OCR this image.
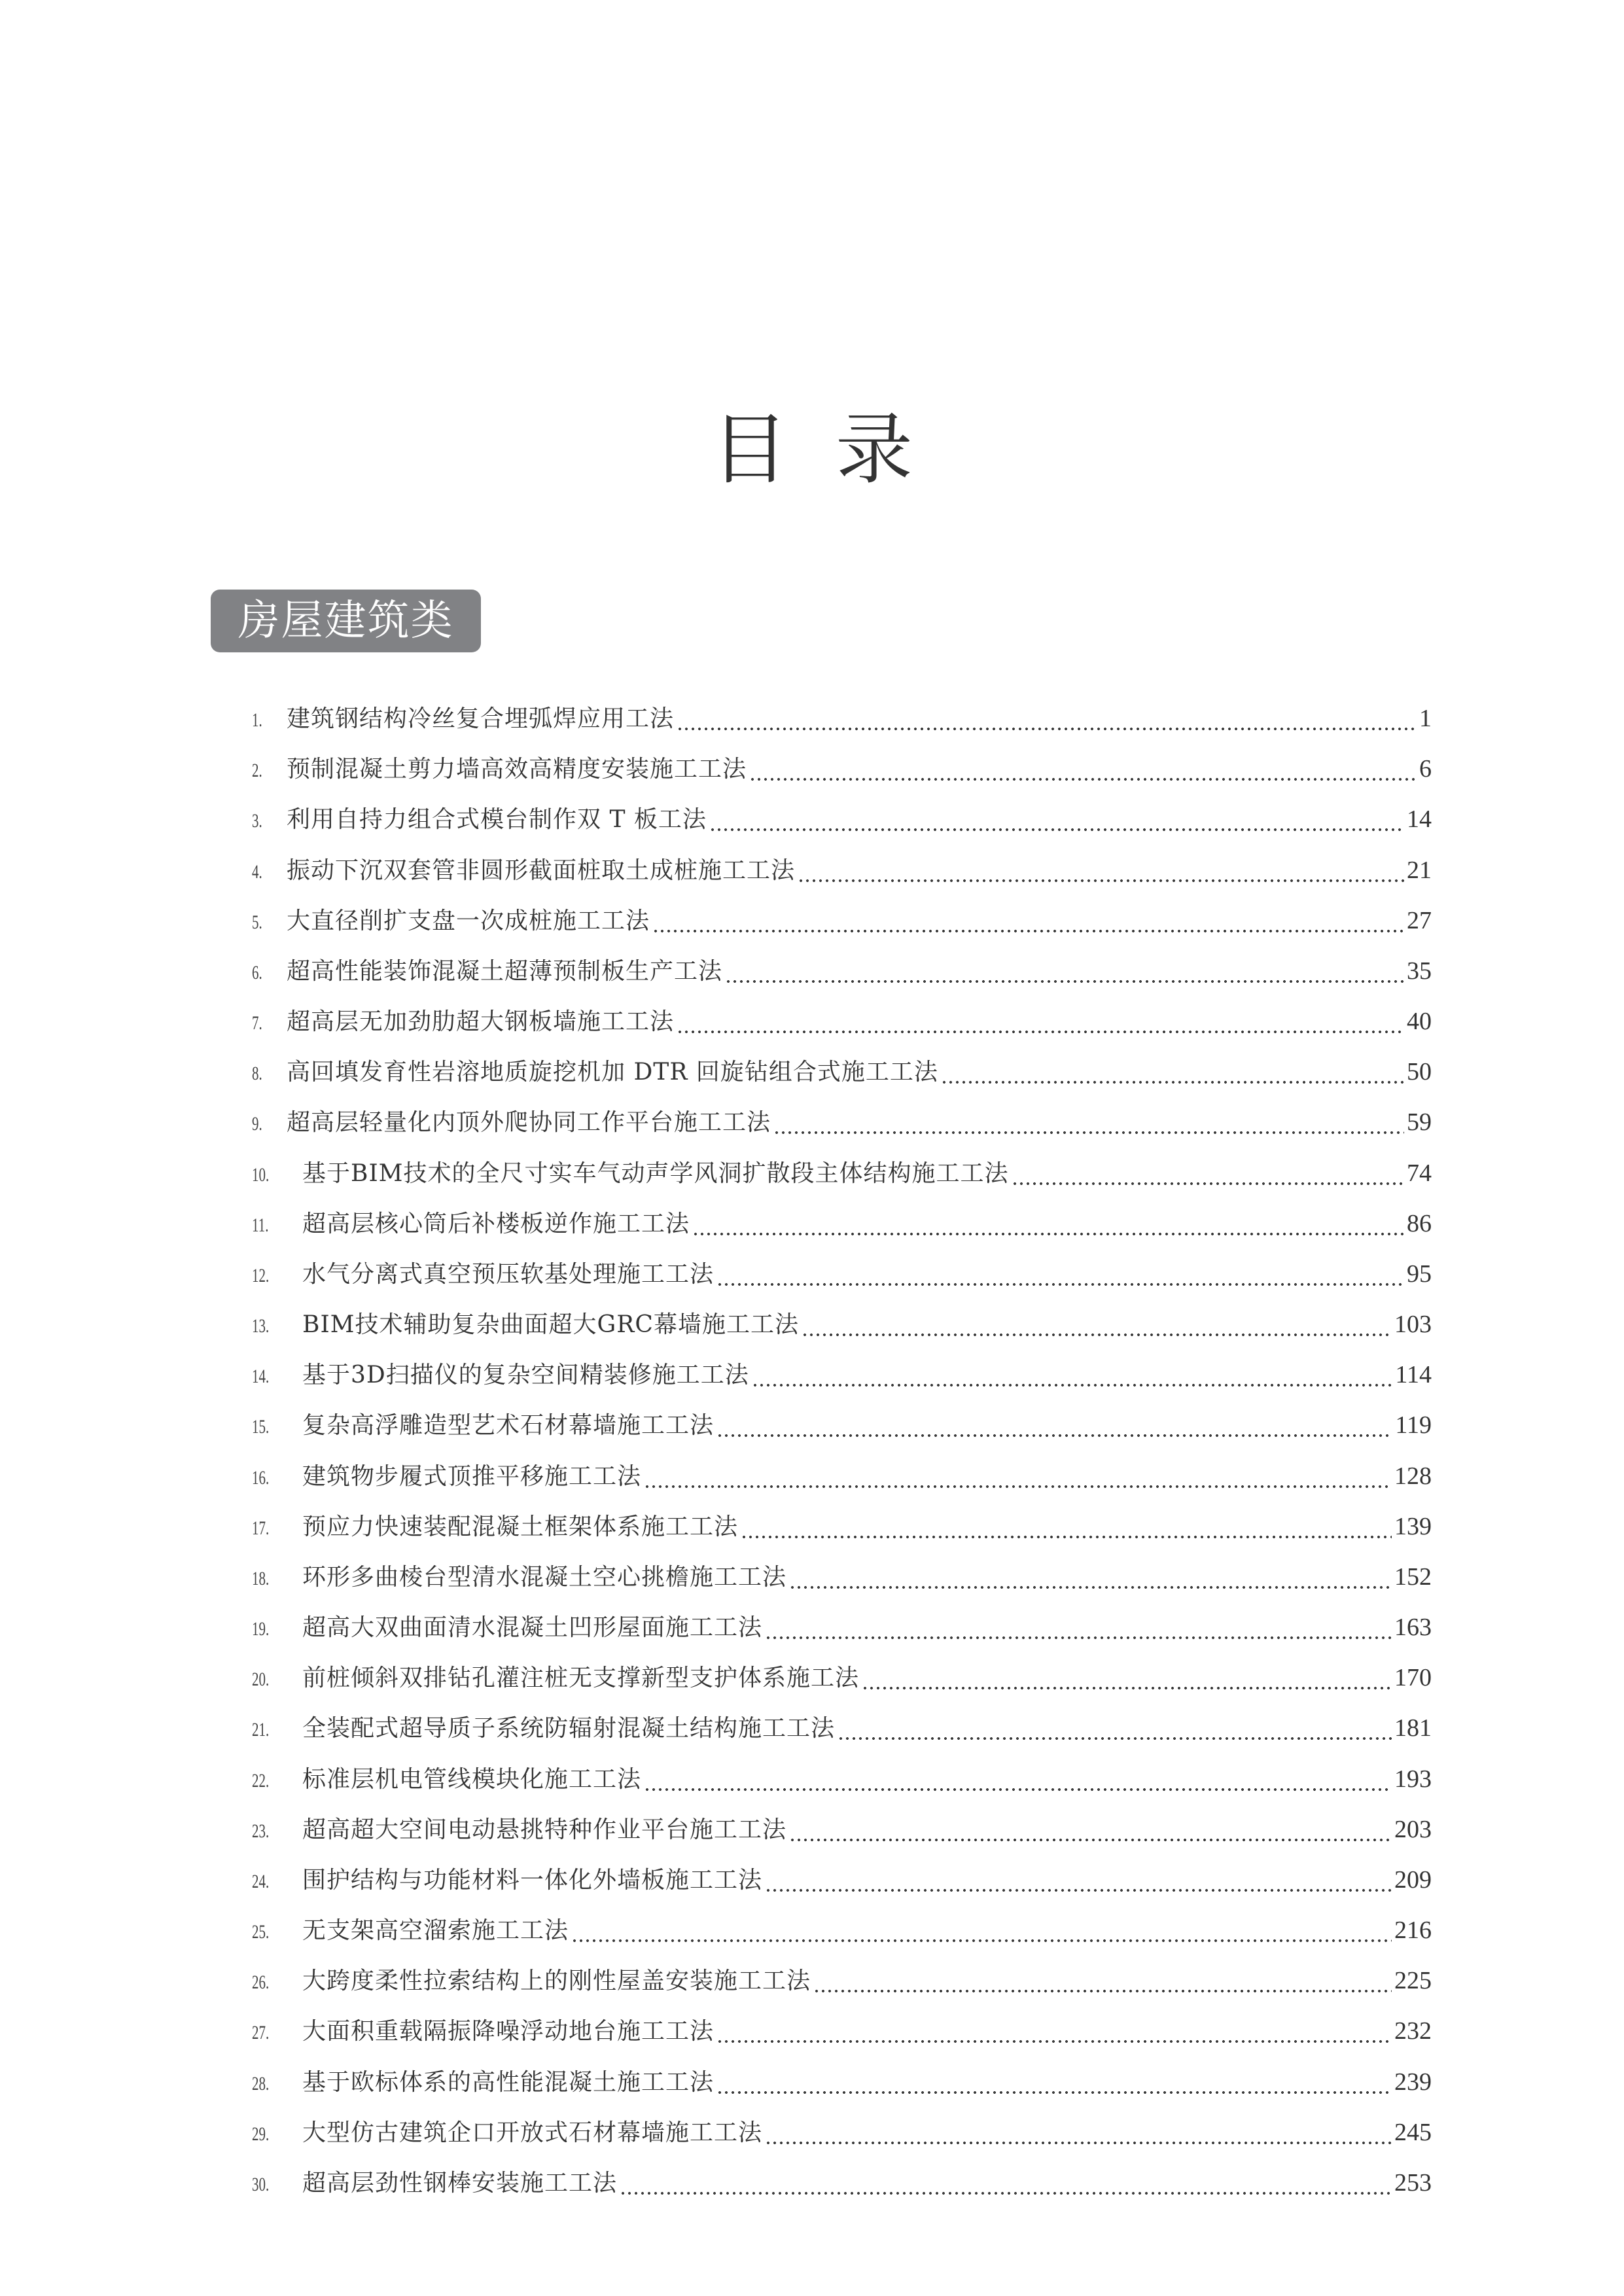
目 录
房屋建筑类
1.	建筑钢结构冷丝复合埋弧焊应用工法	1
2.	预制混凝土剪力墙高效高精度安装施工工法	6
3.	利用自持力组合式模台制作双 T 板工法	14
4.	振动下沉双套管非圆形截面桩取土成桩施工工法	21
5.	大直径削扩支盘一次成桩施工工法	27
6.	超高性能装饰混凝土超薄预制板生产工法	35
7.	超高层无加劲肋超大钢板墙施工工法	40
8.	高回填发育性岩溶地质旋挖机加 DTR 回旋钻组合式施工工法	50
9.	超高层轻量化内顶外爬协同工作平台施工工法	59
10.	基于BIM技术的全尺寸实车气动声学风洞扩散段主体结构施工工法	74
11.	超高层核心筒后补楼板逆作施工工法	86
12.	水气分离式真空预压软基处理施工工法	95
13.	BIM技术辅助复杂曲面超大GRC幕墙施工工法	103
14.	基于3D扫描仪的复杂空间精装修施工工法	114
15.	复杂高浮雕造型艺术石材幕墙施工工法	119
16.	建筑物步履式顶推平移施工工法	128
17.	预应力快速装配混凝土框架体系施工工法	139
18.	环形多曲棱台型清水混凝土空心挑檐施工工法	152
19.	超高大双曲面清水混凝土凹形屋面施工工法	163
20.	前桩倾斜双排钻孔灌注桩无支撑新型支护体系施工法	170
21.	全装配式超导质子系统防辐射混凝土结构施工工法	181
22.	标准层机电管线模块化施工工法	193
23.	超高超大空间电动悬挑特种作业平台施工工法	203
24.	围护结构与功能材料一体化外墙板施工工法	209
25.	无支架高空溜索施工工法	216
26.	大跨度柔性拉索结构上的刚性屋盖安装施工工法	225
27.	大面积重载隔振降噪浮动地台施工工法	232
28.	基于欧标体系的高性能混凝土施工工法	239
29.	大型仿古建筑企口开放式石材幕墙施工工法	245
30.	超高层劲性钢棒安装施工工法	253
